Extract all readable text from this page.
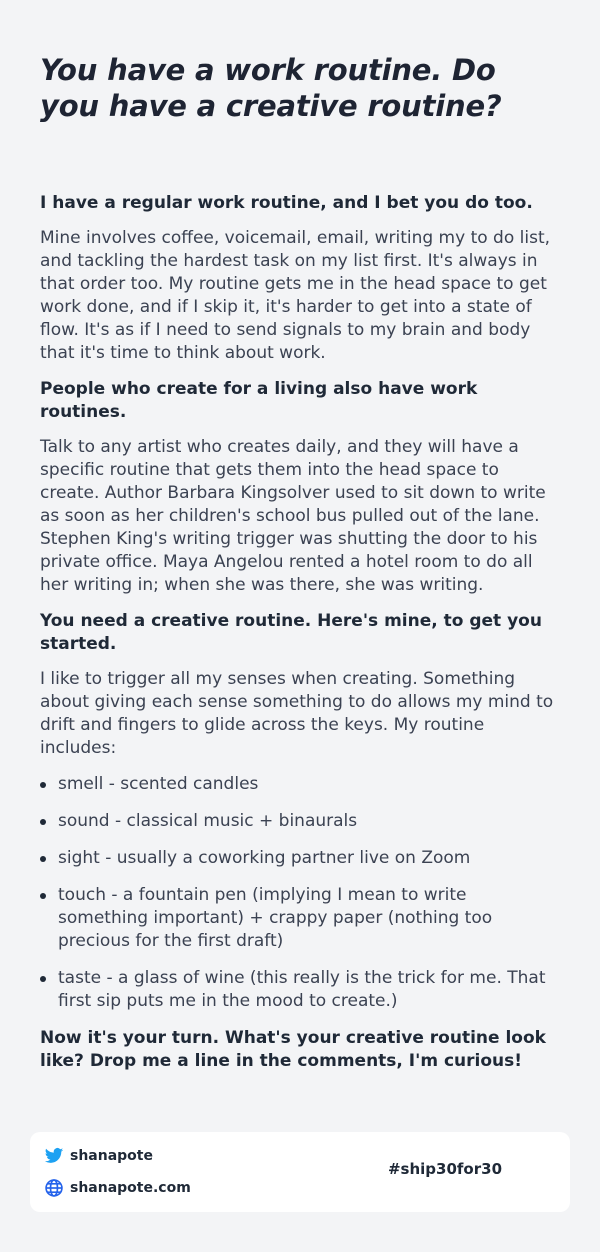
You have a work routine. Do you have a creative routine?

I have a regular work routine, and I bet you do too.

Mine involves coffee, voicemail, email, writing my to do list, and tackling the hardest task on my list first. It's always in that order too. My routine gets me in the head space to get work done, and if I skip it, it's harder to get into a state of flow. It's as if I need to send signals to my brain and body that it's time to think about work.

People who create for a living also have work routines.

Talk to any artist who creates daily, and they will have a specific routine that gets them into the head space to create. Author Barbara Kingsolver used to sit down to write as soon as her children's school bus pulled out of the lane. Stephen King's writing trigger was shutting the door to his private office. Maya Angelou rented a hotel room to do all her writing in; when she was there, she was writing.

You need a creative routine. Here's mine, to get you started.

I like to trigger all my senses when creating. Something about giving each sense something to do allows my mind to drift and fingers to glide across the keys. My routine includes:

smell - scented candles
sound - classical music + binaurals
sight - usually a coworking partner live on Zoom
touch - a fountain pen (implying I mean to write something important) + crappy paper (nothing too precious for the first draft)
taste - a glass of wine (this really is the trick for me. That first sip puts me in the mood to create.)

Now it's your turn. What's your creative routine look like? Drop me a line in the comments, I'm curious!

shanapote
shanapote.com
#ship30for30
